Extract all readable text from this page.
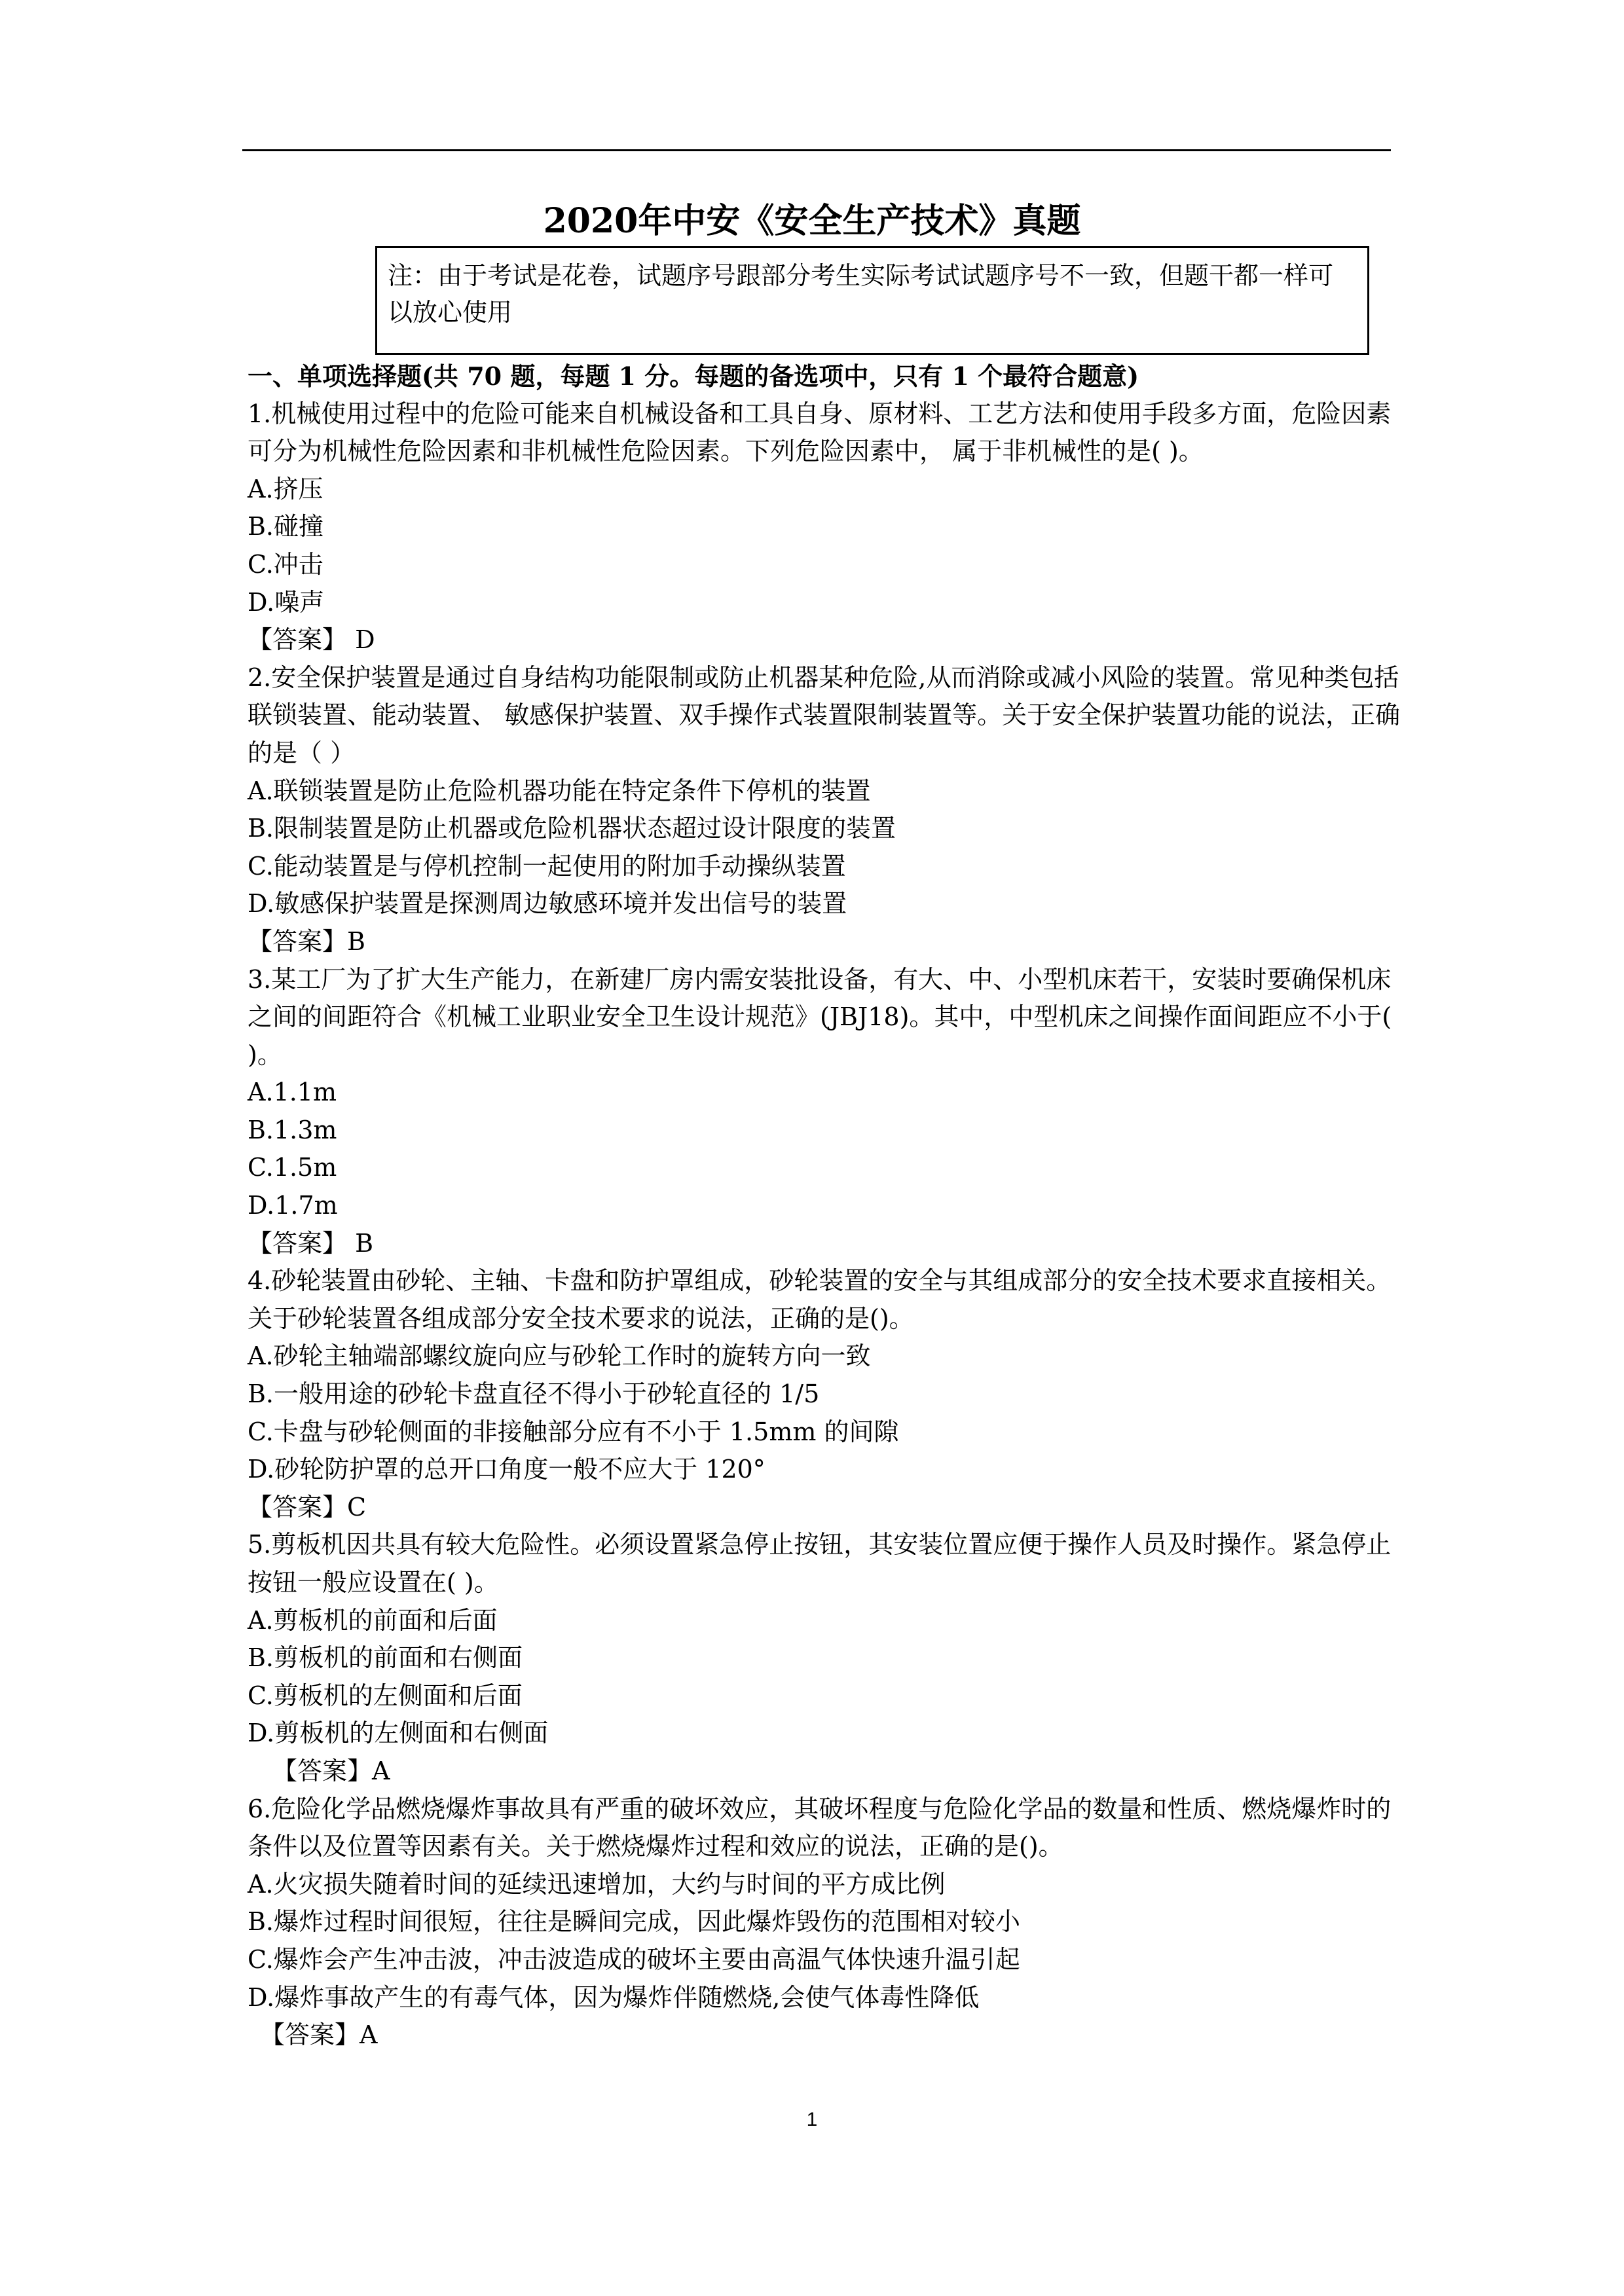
2020年中安《安全生产技术》真题
注：由于考试是花卷，试题序号跟部分考生实际考试试题序号不一致，但题干都一样可以放心使用
一、单项选择题(共 70 题，每题 1 分。每题的备选项中，只有 1 个最符合题意)

1.机械使用过程中的危险可能来自机械设备和工具自身、原材料、工艺方法和使用手段多方面，危险因素可分为机械性危险因素和非机械性危险因素。下列危险因素中， 属于非机械性的是( )。

A.挤压

B.碰撞

C.冲击

D.噪声

【答案】 D

2.安全保护装置是通过自身结构功能限制或防止机器某种危险,从而消除或减小风险的装置。常见种类包括联锁装置、能动装置、 敏感保护装置、双手操作式装置限制装置等。关于安全保护装置功能的说法，正确的是（ ）

A.联锁装置是防止危险机器功能在特定条件下停机的装置

B.限制装置是防止机器或危险机器状态超过设计限度的装置

C.能动装置是与停机控制一起使用的附加手动操纵装置

D.敏感保护装置是探测周边敏感环境并发出信号的装置

【答案】B

3.某工厂为了扩大生产能力，在新建厂房内需安装批设备，有大、中、小型机床若干，安装时要确保机床之间的间距符合《机械工业职业安全卫生设计规范》(JBJ18)。其中，中型机床之间操作面间距应不小于(　 )。

A.1.1m

B.1.3m

C.1.5m

D.1.7m

【答案】 B

4.砂轮装置由砂轮、主轴、卡盘和防护罩组成，砂轮装置的安全与其组成部分的安全技术要求直接相关。关于砂轮装置各组成部分安全技术要求的说法，正确的是()。

A.砂轮主轴端部螺纹旋向应与砂轮工作时的旋转方向一致

B.一般用途的砂轮卡盘直径不得小于砂轮直径的 1/5

C.卡盘与砂轮侧面的非接触部分应有不小于 1.5mm 的间隙

D.砂轮防护罩的总开口角度一般不应大于 120°

【答案】C

5.剪板机因共具有较大危险性。必须设置紧急停止按钮，其安装位置应便于操作人员及时操作。紧急停止按钮一般应设置在( )。

A.剪板机的前面和后面

B.剪板机的前面和右侧面

C.剪板机的左侧面和后面

D.剪板机的左侧面和右侧面

【答案】A

6.危险化学品燃烧爆炸事故具有严重的破坏效应，其破坏程度与危险化学品的数量和性质、燃烧爆炸时的条件以及位置等因素有关。关于燃烧爆炸过程和效应的说法，正确的是()。

A.火灾损失随着时间的延续迅速增加，大约与时间的平方成比例

B.爆炸过程时间很短，往往是瞬间完成，因此爆炸毁伤的范围相对较小

C.爆炸会产生冲击波，冲击波造成的破坏主要由高温气体快速升温引起

D.爆炸事故产生的有毒气体，因为爆炸伴随燃烧,会使气体毒性降低

【答案】A

1
